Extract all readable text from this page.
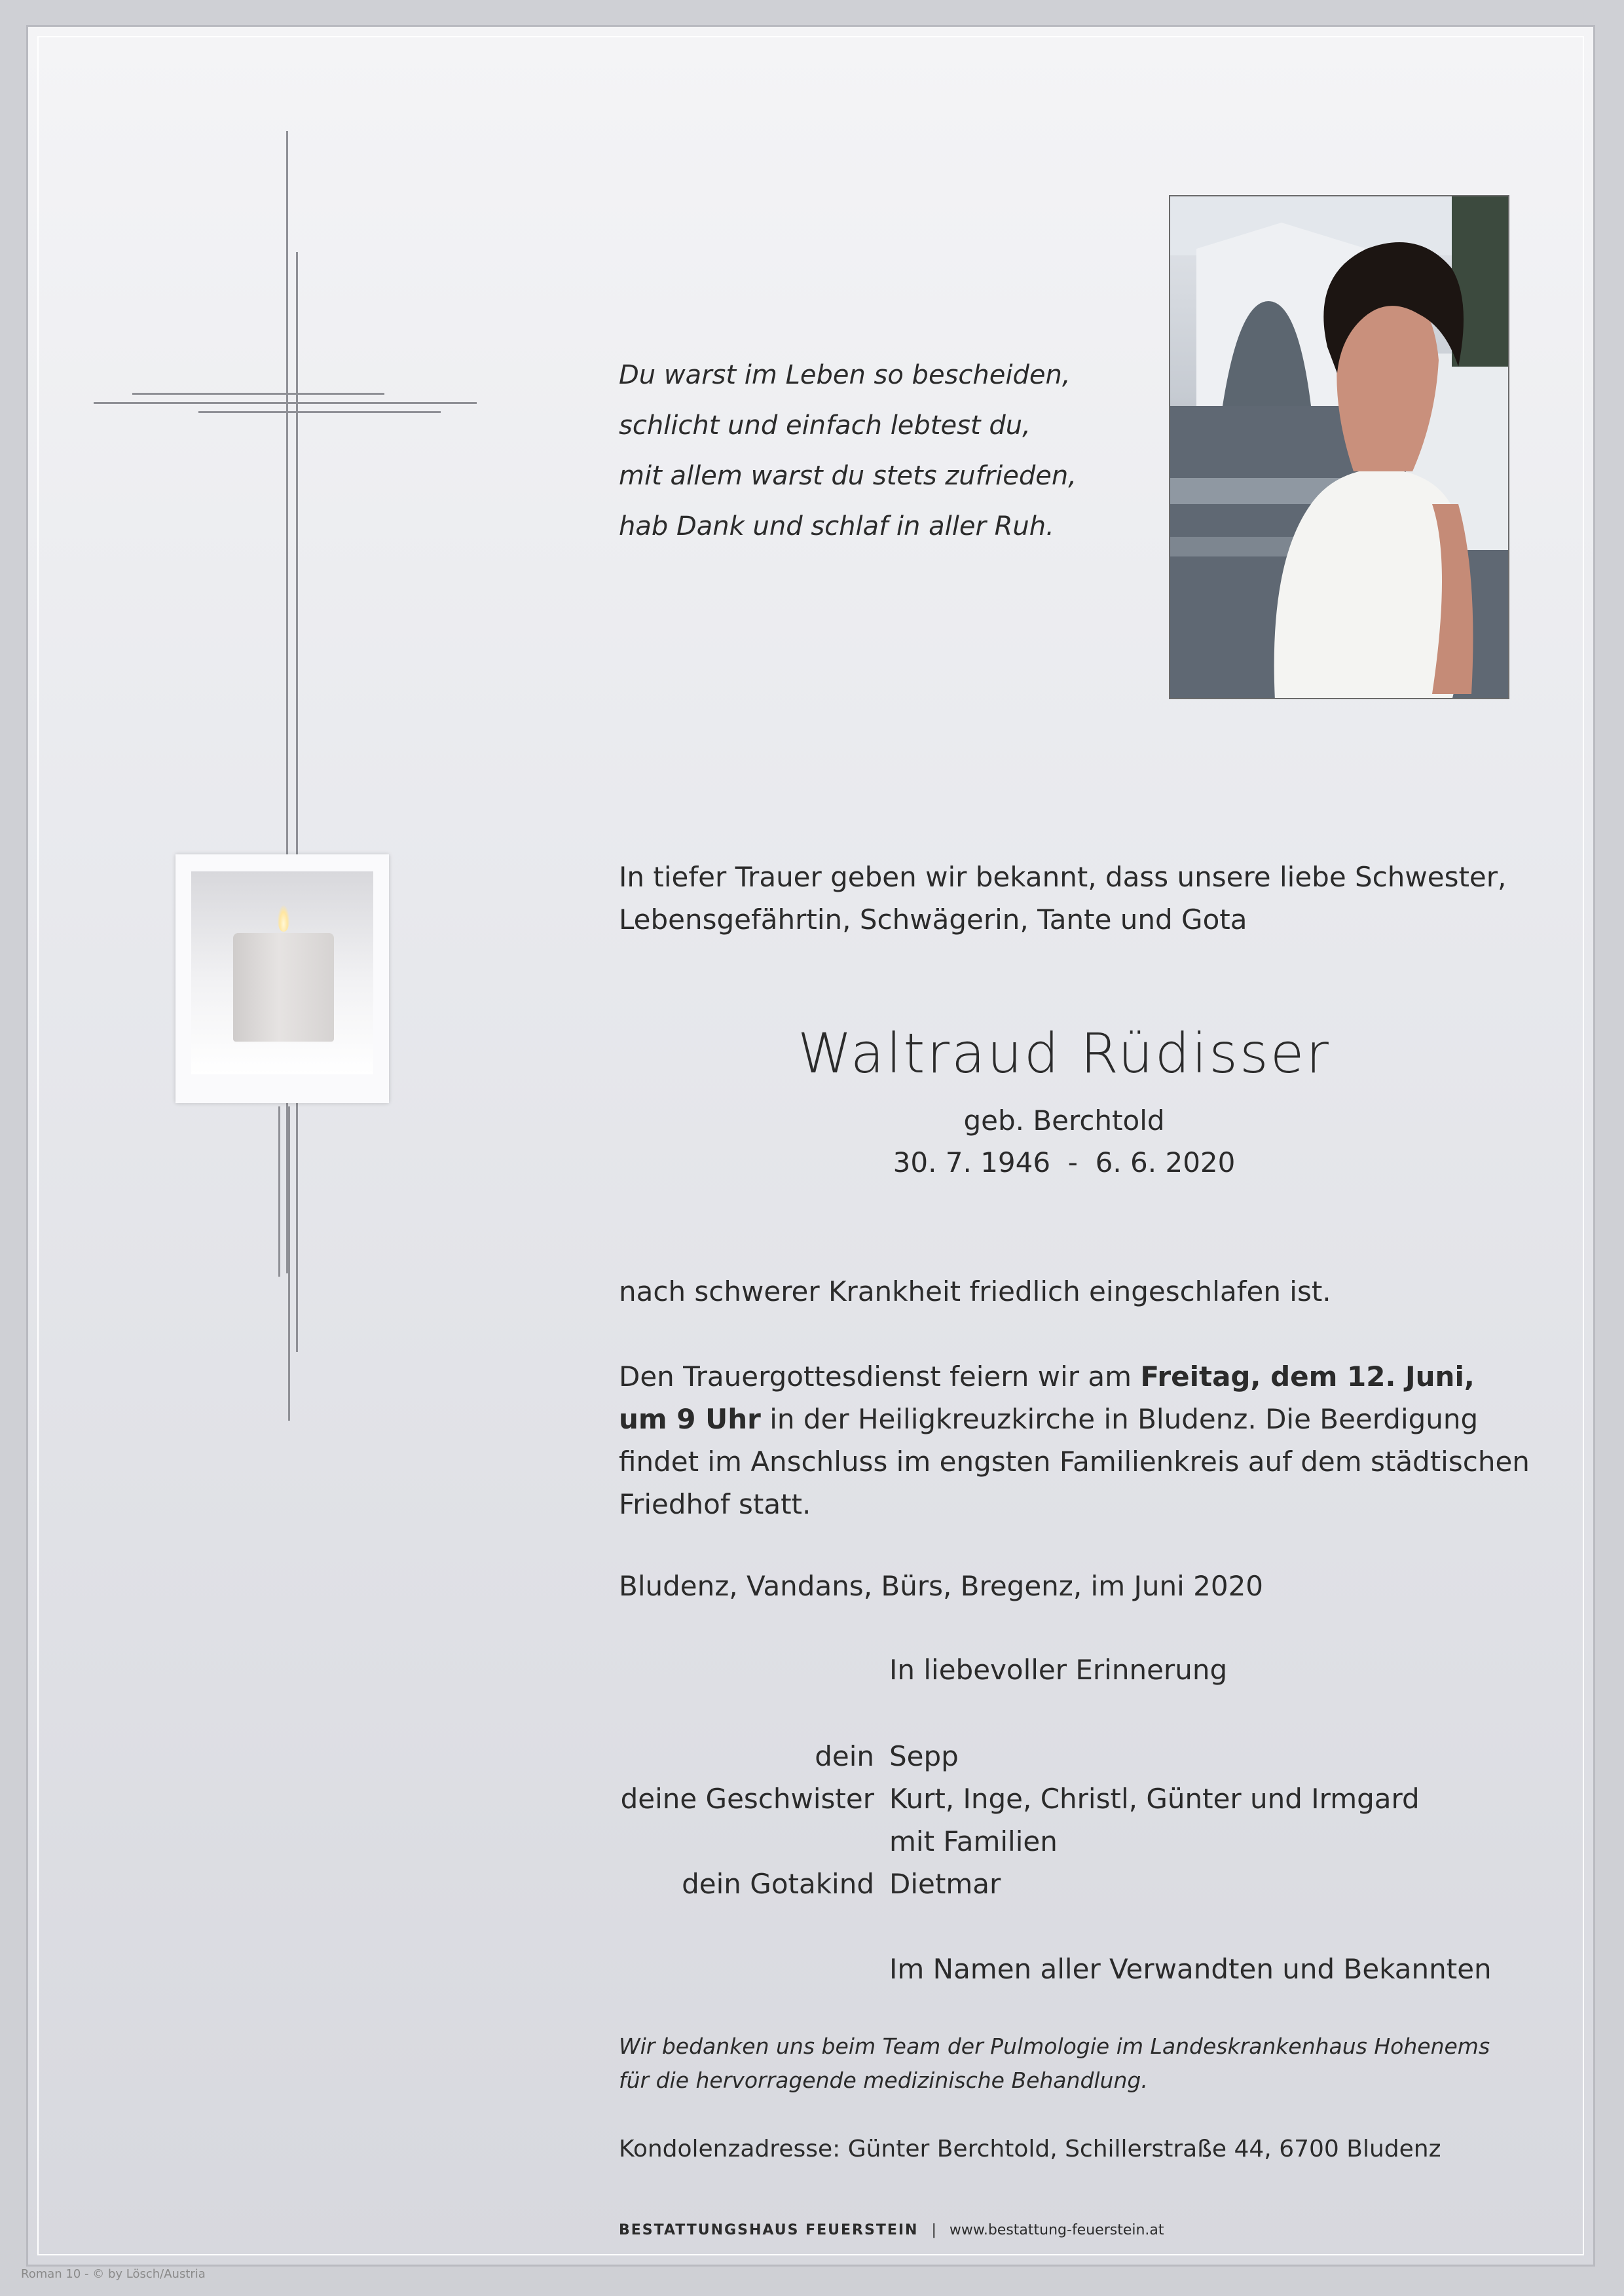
Du warst im Leben so bescheiden,
schlicht und einfach lebtest du,
mit allem warst du stets zufrieden,
hab Dank und schlaf in aller Ruh.
In tiefer Trauer geben wir bekannt, dass unsere liebe Schwester,
Lebensgefährtin, Schwägerin, Tante und Gota
Waltraud Rüdisser
geb. Berchtold
30. 7. 1946  -  6. 6. 2020
nach schwerer Krankheit friedlich eingeschlafen ist.
Den Trauergottesdienst feiern wir am Freitag, dem 12. Juni,
um 9 Uhr in der Heiligkreuzkirche in Bludenz. Die Beerdigung
findet im Anschluss im engsten Familienkreis auf dem städtischen
Friedhof statt.
Bludenz, Vandans, Bürs, Bregenz, im Juni 2020
In liebevoller Erinnerung
dein Sepp
deine Geschwister Kurt, Inge, Christl, Günter und Irmgard
mit Familien
dein Gotakind Dietmar
Im Namen aller Verwandten und Bekannten
Wir bedanken uns beim Team der Pulmologie im Landeskrankenhaus Hohenems
für die hervorragende medizinische Behandlung.
Kondolenzadresse: Günter Berchtold, Schillerstraße 44, 6700 Bludenz
BESTATTUNGSHAUS FEUERSTEIN | www.bestattung-feuerstein.at
Roman 10 - © by Lösch/Austria
